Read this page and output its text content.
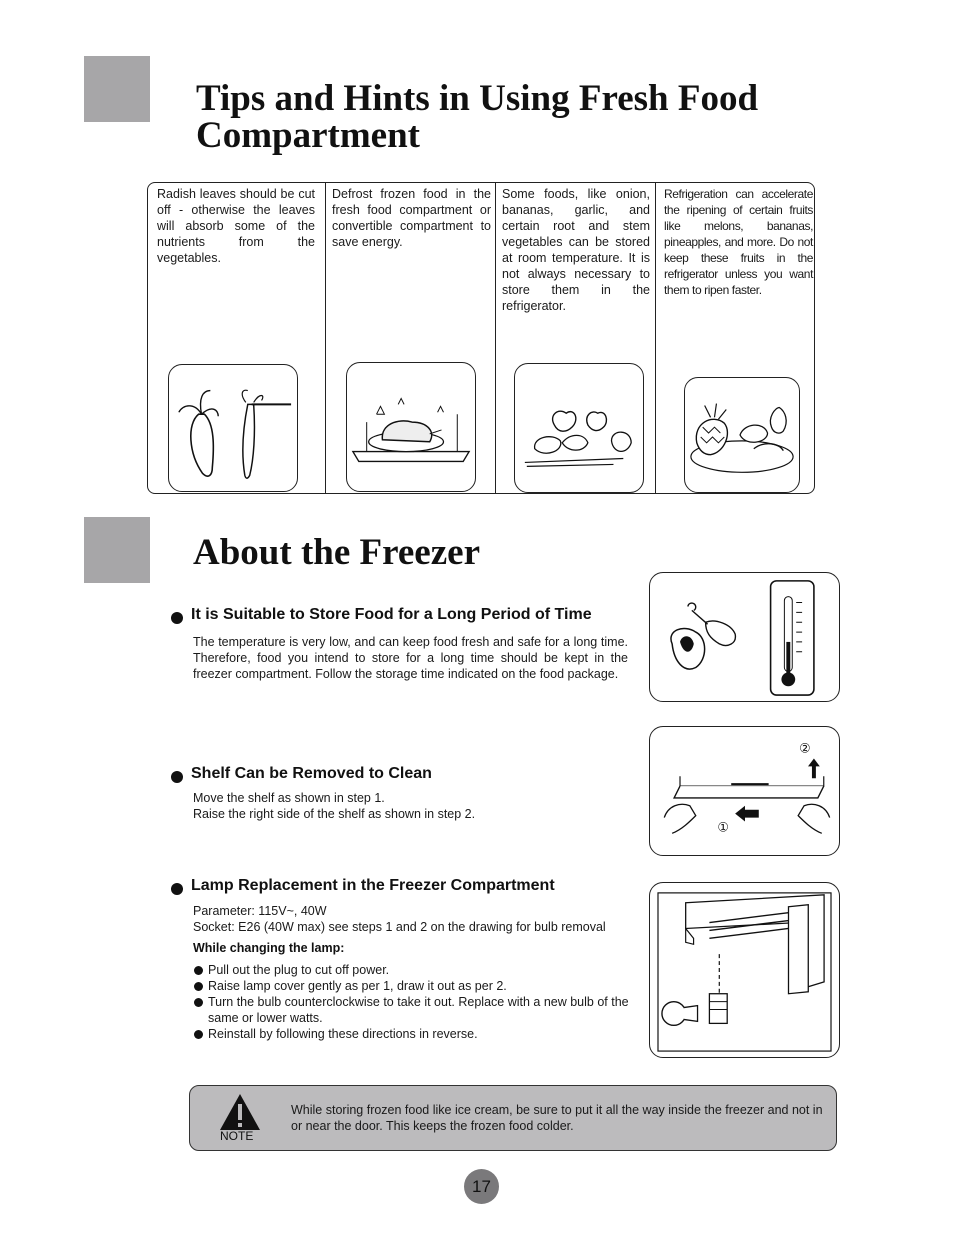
Tips and Hints in Using Fresh Food Compartment
Radish leaves should be cut off - otherwise the leaves will absorb some of the nutrients from the vegetables.
Defrost frozen food in the fresh food compartment or convertible compartment to save energy.
Some foods, like onion, bananas, garlic, and certain root and stem vegetables can be stored at room temperature. It is not always necessary to store them in the refrigerator.
Refrigeration can accelerate the ripening of certain fruits like melons, bananas, pineapples, and more. Do not keep these fruits in the refrigerator unless you want them to ripen faster.
About the Freezer
It is Suitable to Store Food for a Long Period of Time
The temperature is very low, and can keep food fresh and safe for a long time. Therefore, food you intend to store for a long time should be kept in the freezer compartment. Follow the storage time indicated on the food package.
Shelf Can be Removed to Clean
Move the shelf as shown in step 1.
Raise the right side of the shelf as shown in step 2.
①
②
Lamp Replacement in the Freezer Compartment
Parameter: 115V~, 40W
Socket: E26 (40W max) see steps 1 and 2 on the drawing for bulb removal
While changing the lamp:
Pull out the plug to cut off power.
Raise lamp cover gently as per 1, draw it out as per 2.
Turn the bulb counterclockwise to take it out. Replace with a new bulb of the same or lower watts.
Reinstall by following these directions in reverse.
NOTE
While storing frozen food like ice cream, be sure to put it all the way inside the freezer and not in or near the door. This keeps the frozen food colder.
17
